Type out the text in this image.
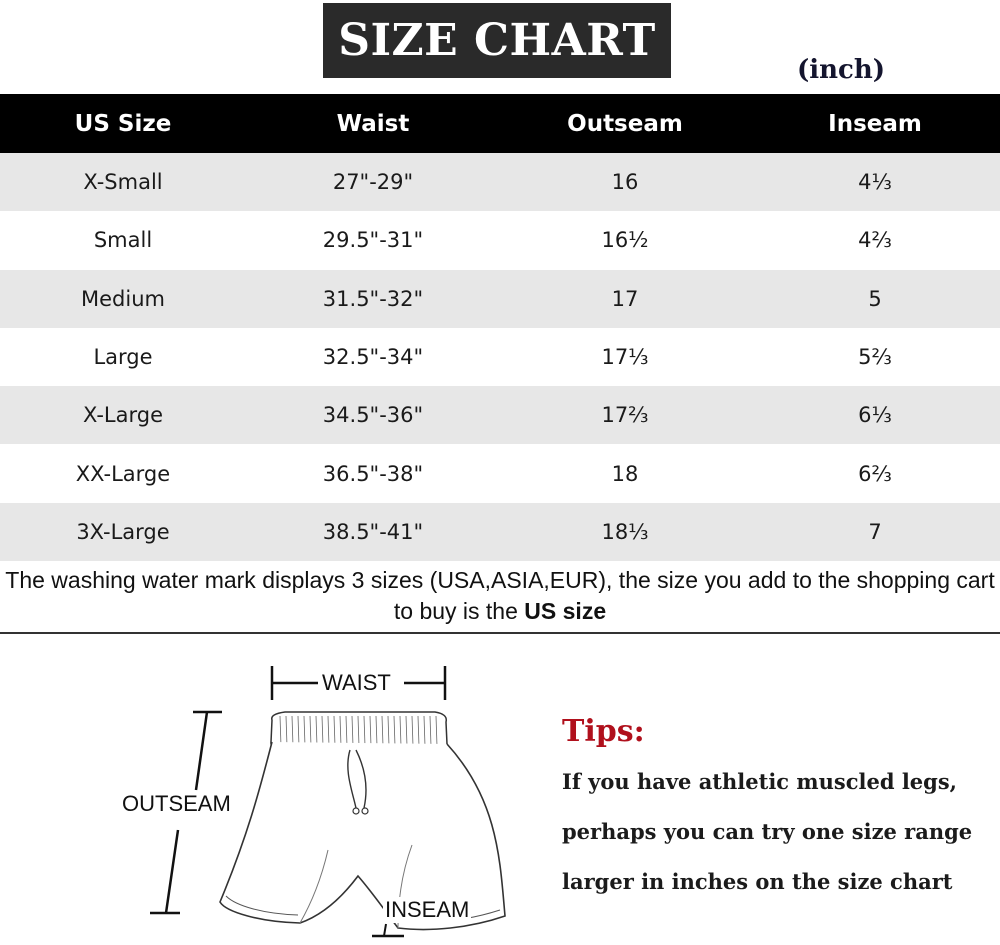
SIZE CHART
(inch)
US Size	Waist	Outseam	Inseam
X-Small	27"-29"	16	4⅓
Small	29.5"-31"	16½	4⅔
Medium	31.5"-32"	17	5
Large	32.5"-34"	17⅓	5⅔
X-Large	34.5"-36"	17⅔	6⅓
XX-Large	36.5"-38"	18	6⅔
3X-Large	38.5"-41"	18⅓	7
The washing water mark displays 3 sizes (USA,ASIA,EUR), the size you add to the shopping cart to buy is the US size
WAIST
OUTSEAM
INSEAM
Tips:
If you have athletic muscled legs,
perhaps you can try one size range
larger in inches on the size chart
